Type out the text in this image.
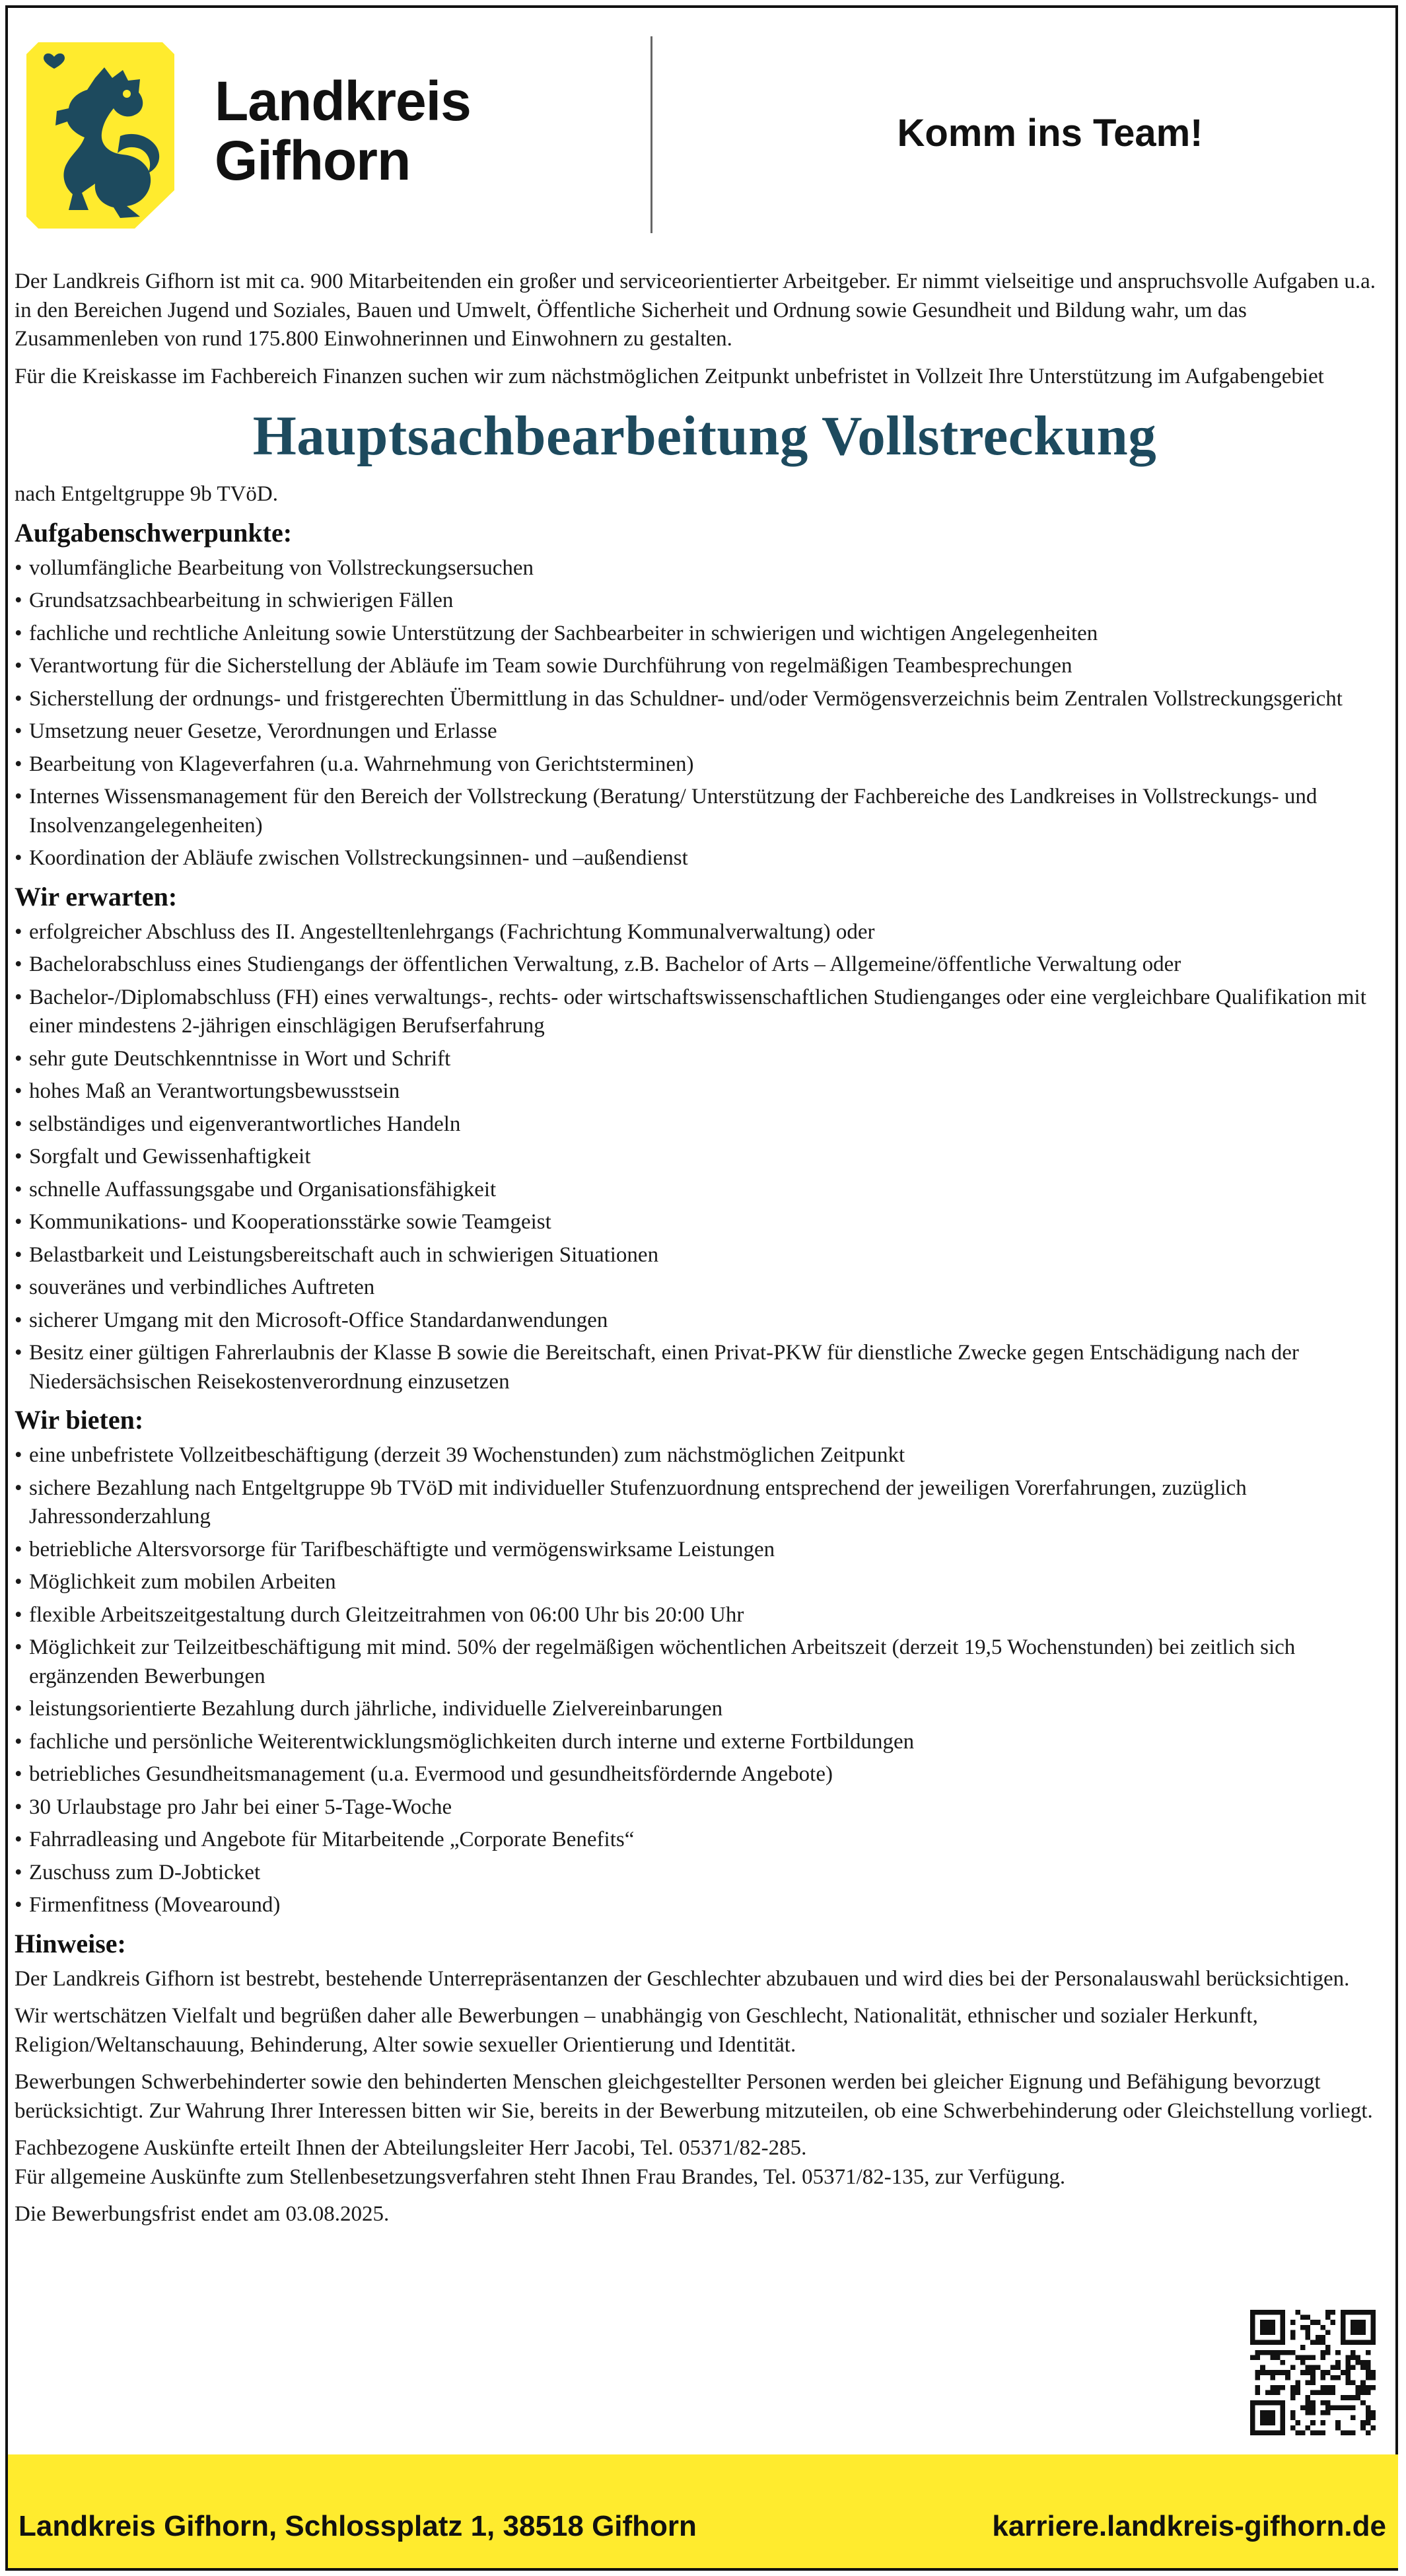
Landkreis
Gifhorn	Komm ins Team!

Der Landkreis Gifhorn ist mit ca. 900 Mitarbeitenden ein großer und serviceorientierter Arbeitgeber. Er nimmt vielseitige und anspruchsvolle Aufgaben u.a. in den Bereichen Jugend und Soziales, Bauen und Umwelt, Öffentliche Sicherheit und Ordnung sowie Gesundheit und Bildung wahr, um das Zusammenleben von rund 175.800 Einwohnerinnen und Einwohnern zu gestalten.

Für die Kreiskasse im Fachbereich Finanzen suchen wir zum nächstmöglichen Zeitpunkt unbefristet in Vollzeit Ihre Unterstützung im Aufgabengebiet

Hauptsachbearbeitung Vollstreckung

nach Entgeltgruppe 9b TVöD.

Aufgabenschwerpunkte:
• vollumfängliche Bearbeitung von Vollstreckungsersuchen
• Grundsatzsachbearbeitung in schwierigen Fällen
• fachliche und rechtliche Anleitung sowie Unterstützung der Sachbearbeiter in schwierigen und wichtigen Angelegenheiten
• Verantwortung für die Sicherstellung der Abläufe im Team sowie Durchführung von regelmäßigen Teambesprechungen
• Sicherstellung der ordnungs- und fristgerechten Übermittlung in das Schuldner- und/oder Vermögensverzeichnis beim Zentralen Vollstreckungsgericht
• Umsetzung neuer Gesetze, Verordnungen und Erlasse
• Bearbeitung von Klageverfahren (u.a. Wahrnehmung von Gerichtsterminen)
• Internes Wissensmanagement für den Bereich der Vollstreckung (Beratung/ Unterstützung der Fachbereiche des Landkreises in Vollstreckungs- und Insolvenzangelegenheiten)
• Koordination der Abläufe zwischen Vollstreckungsinnen- und –außendienst
Wir erwarten:
• erfolgreicher Abschluss des II. Angestelltenlehrgangs (Fachrichtung Kommunalverwaltung) oder
• Bachelorabschluss eines Studiengangs der öffentlichen Verwaltung, z.B. Bachelor of Arts – Allgemeine/öffentliche Verwaltung oder
• Bachelor-/Diplomabschluss (FH) eines verwaltungs-, rechts- oder wirtschaftswissenschaftlichen Studienganges oder eine vergleichbare Qualifikation mit einer mindestens 2-jährigen einschlägigen Berufserfahrung
• sehr gute Deutschkenntnisse in Wort und Schrift
• hohes Maß an Verantwortungsbewusstsein
• selbständiges und eigenverantwortliches Handeln
• Sorgfalt und Gewissenhaftigkeit
• schnelle Auffassungsgabe und Organisationsfähigkeit
• Kommunikations- und Kooperationsstärke sowie Teamgeist
• Belastbarkeit und Leistungsbereitschaft auch in schwierigen Situationen
• souveränes und verbindliches Auftreten
• sicherer Umgang mit den Microsoft-Office Standardanwendungen
• Besitz einer gültigen Fahrerlaubnis der Klasse B sowie die Bereitschaft, einen Privat-PKW für dienstliche Zwecke gegen Entschädigung nach der Niedersächsischen Reisekostenverordnung einzusetzen
Wir bieten:
• eine unbefristete Vollzeitbeschäftigung (derzeit 39 Wochenstunden) zum nächstmöglichen Zeitpunkt
• sichere Bezahlung nach Entgeltgruppe 9b TVöD mit individueller Stufenzuordnung entsprechend der jeweiligen Vorerfahrungen, zuzüglich Jahressonderzahlung
• betriebliche Altersvorsorge für Tarifbeschäftigte und vermögenswirksame Leistungen
• Möglichkeit zum mobilen Arbeiten
• flexible Arbeitszeitgestaltung durch Gleitzeitrahmen von 06:00 Uhr bis 20:00 Uhr
• Möglichkeit zur Teilzeitbeschäftigung mit mind. 50% der regelmäßigen wöchentlichen Arbeitszeit (derzeit 19,5 Wochenstunden) bei zeitlich sich ergänzenden Bewerbungen
• leistungsorientierte Bezahlung durch jährliche, individuelle Zielvereinbarungen
• fachliche und persönliche Weiterentwicklungsmöglichkeiten durch interne und externe Fortbildungen
• betriebliches Gesundheitsmanagement (u.a. Evermood und gesundheitsfördernde Angebote)
• 30 Urlaubstage pro Jahr bei einer 5-Tage-Woche
• Fahrradleasing und Angebote für Mitarbeitende „Corporate Benefits“
• Zuschuss zum D-Jobticket
• Firmenfitness (Movearound)
Hinweise:

Der Landkreis Gifhorn ist bestrebt, bestehende Unterrepräsentanzen der Geschlechter abzubauen und wird dies bei der Personalauswahl berücksichtigen.

Wir wertschätzen Vielfalt und begrüßen daher alle Bewerbungen – unabhängig von Geschlecht, Nationalität, ethnischer und sozialer Herkunft, Religion/Weltanschauung, Behinderung, Alter sowie sexueller Orientierung und Identität.

Bewerbungen Schwerbehinderter sowie den behinderten Menschen gleichgestellter Personen werden bei gleicher Eignung und Befähigung bevorzugt berücksichtigt. Zur Wahrung Ihrer Interessen bitten wir Sie, bereits in der Bewerbung mitzuteilen, ob eine Schwerbehinderung oder Gleichstellung vorliegt.

Fachbezogene Auskünfte erteilt Ihnen der Abteilungsleiter Herr Jacobi, Tel. 05371/82-285.
Für allgemeine Auskünfte zum Stellenbesetzungsverfahren steht Ihnen Frau Brandes, Tel. 05371/82-135, zur Verfügung.

Die Bewerbungsfrist endet am 03.08.2025.

Landkreis Gifhorn, Schlossplatz 1, 38518 Gifhorn	karriere.landkreis-gifhorn.de
